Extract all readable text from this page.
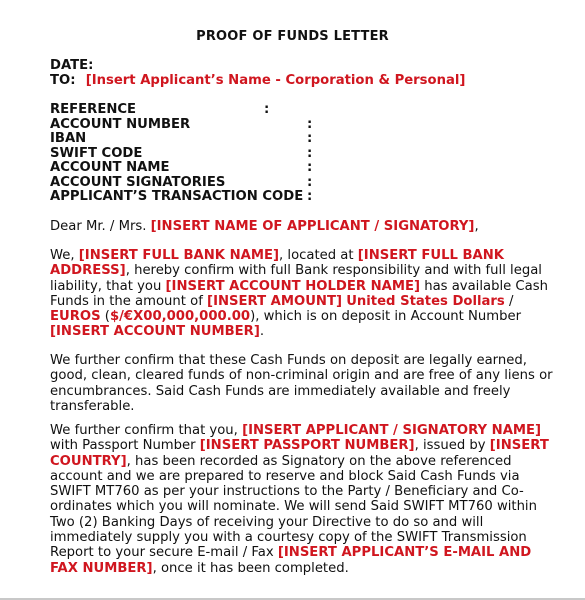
PROOF OF FUNDS LETTER
DATE:
TO: [Insert Applicant’s Name - Corporation & Personal]
REFERENCE	:
ACCOUNT NUMBER	:
IBAN	:
SWIFT CODE	:
ACCOUNT NAME	:
ACCOUNT SIGNATORIES	:
APPLICANT’S TRANSACTION CODE :
Dear Mr. / Mrs. [INSERT NAME OF APPLICANT / SIGNATORY],
We, [INSERT FULL BANK NAME], located at [INSERT FULL BANK
ADDRESS], hereby confirm with full Bank responsibility and with full legal
liability, that you [INSERT ACCOUNT HOLDER NAME] has available Cash
Funds in the amount of [INSERT AMOUNT] United States Dollars /
EUROS ($/€X00,000,000.00), which is on deposit in Account Number
[INSERT ACCOUNT NUMBER].
We further confirm that these Cash Funds on deposit are legally earned,
good, clean, cleared funds of non-criminal origin and are free of any liens or
encumbrances. Said Cash Funds are immediately available and freely
transferable.
We further confirm that you, [INSERT APPLICANT / SIGNATORY NAME]
with Passport Number [INSERT PASSPORT NUMBER], issued by [INSERT
COUNTRY], has been recorded as Signatory on the above referenced
account and we are prepared to reserve and block Said Cash Funds via
SWIFT MT760 as per your instructions to the Party / Beneficiary and Co-
ordinates which you will nominate. We will send Said SWIFT MT760 within
Two (2) Banking Days of receiving your Directive to do so and will
immediately supply you with a courtesy copy of the SWIFT Transmission
Report to your secure E-mail / Fax [INSERT APPLICANT’S E-MAIL AND
FAX NUMBER], once it has been completed.
